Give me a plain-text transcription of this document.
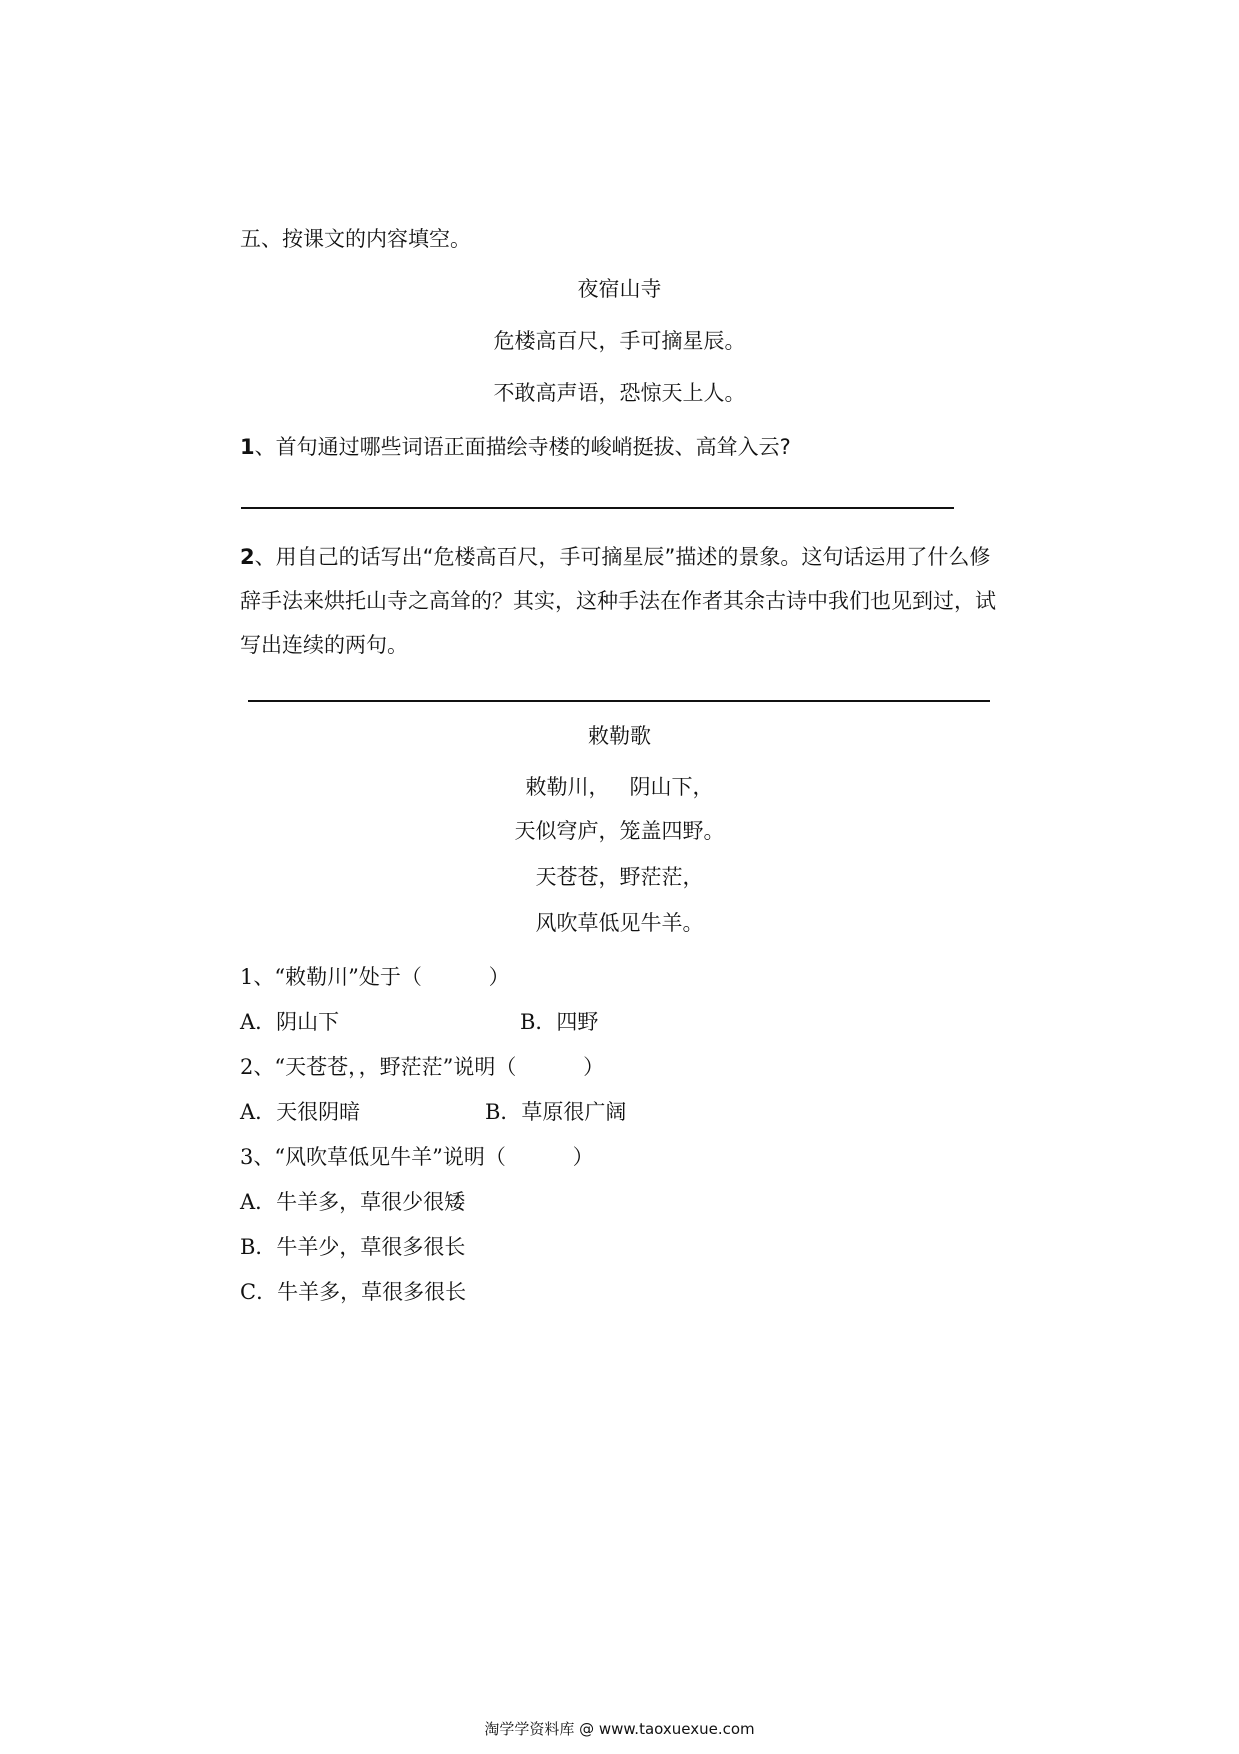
五、按课文的内容填空。
夜宿山寺
危楼高百尺，手可摘星辰。
不敢高声语，恐惊天上人。
1、首句通过哪些词语正面描绘寺楼的峻峭挺拔、高耸入云?
2、用自己的话写出“危楼高百尺，手可摘星辰”描述的景象。这句话运用了什么修辞手法来烘托山寺之高耸的？其实，这种手法在作者其余古诗中我们也见到过，试写出连续的两句。
敕勒歌
敕勒川，   阴山下，
天似穹庐，笼盖四野。
天苍苍，野茫茫，
风吹草低见牛羊。
1、“敕勒川”处于（          ）
A．阴山下	B．四野
2、“天苍苍，，野茫茫”说明（          ）
A．天很阴暗	B．草原很广阔
3、“风吹草低见牛羊”说明（          ）
A．牛羊多，草很少很矮
B．牛羊少，草很多很长
C．牛羊多，草很多很长
淘学学资料库 @ www.taoxuexue.com
